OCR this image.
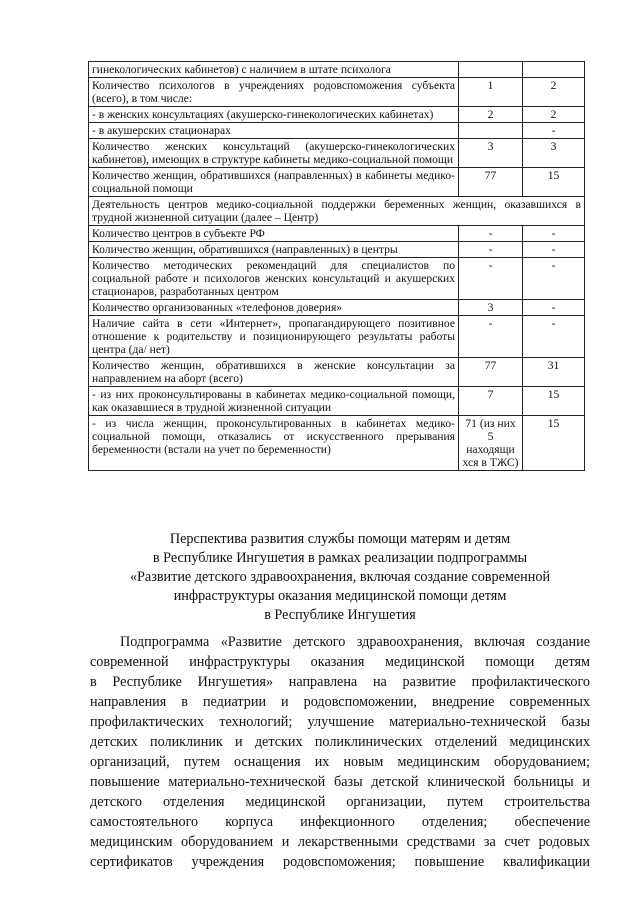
гинекологических кабинетов) с наличием в штате психолога		
Количество психологов в учреждениях родовспоможения субъекта (всего), в том числе:	1	2
- в женских консультациях (акушерско-гинекологических кабинетах)	2	2
- в акушерских стационарах		-
Количество женских консультаций (акушерско-гинекологических кабинетов), имеющих в структуре кабинеты медико-социальной помощи	3	3
Количество женщин, обратившихся (направленных) в кабинеты медико-социальной помощи	77	15
Деятельность центров медико-социальной поддержки беременных женщин, оказавшихся в трудной жизненной ситуации (далее – Центр)		
Количество центров в субъекте РФ	-	-
Количество женщин, обратившихся (направленных) в центры	-	-
Количество методических рекомендаций для специалистов по социальной работе и психологов женских консультаций и акушерских стационаров, разработанных центром	-	-
Количество организованных «телефонов доверия»	3	-
Наличие сайта в сети «Интернет», пропагандирующего позитивное отношение к родительству и позиционирующего результаты работы центра (да/ нет)	-	-
Количество женщин, обратившихся в женские консультации за направлением на аборт (всего)	77	31
- из них проконсультированы в кабинетах медико-социальной помощи, как оказавшиеся в трудной жизненной ситуации	7	15
- из числа женщин, проконсультированных в кабинетах медико-социальной помощи, отказались от искусственного прерывания беременности (встали на учет по беременности)	71 (из них 5 находящи хся в ТЖС)	15
Перспектива развития службы помощи матерям и детям
в Республике Ингушетия в рамках реализации подпрограммы
«Развитие детского здравоохранения, включая создание современной
инфраструктуры оказания медицинской помощи детям
в Республике Ингушетия
Подпрограмма «Развитие детского здравоохранения, включая создание
современной инфраструктуры оказания медицинской помощи детям
в Республике Ингушетия» направлена на развитие профилактического
направления в педиатрии и родовспоможении, внедрение современных
профилактических технологий; улучшение материально-технической базы
детских поликлиник и детских поликлинических отделений медицинских
организаций, путем оснащения их новым медицинским оборудованием;
повышение материально-технической базы детской клинической больницы и
детского отделения медицинской организации, путем строительства
самостоятельного корпуса инфекционного отделения; обеспечение
медицинским оборудованием и лекарственными средствами за счет родовых
сертификатов учреждения родовспоможения; повышение квалификации
